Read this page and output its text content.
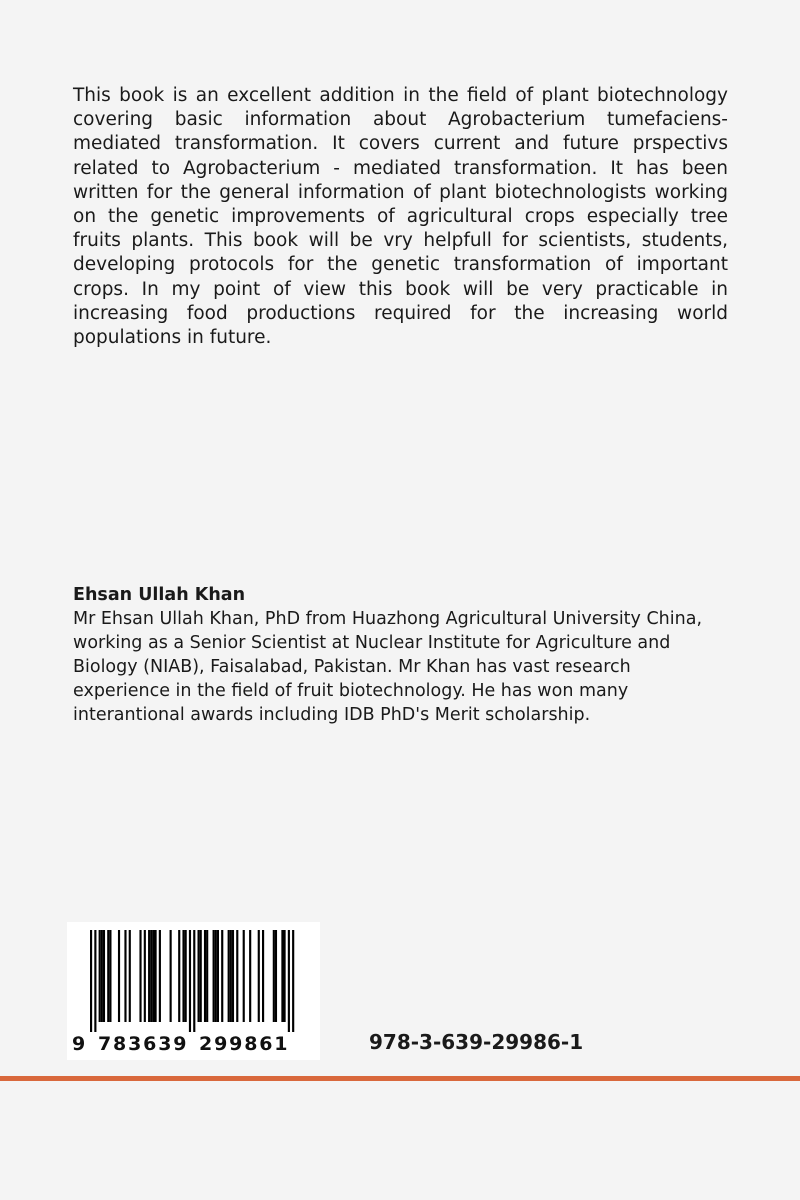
This book is an excellent addition in the field of plant biotechnology covering basic information about Agrobacterium tumefaciens-mediated transformation. It covers current and future prspectivs related to Agrobacterium - mediated transformation. It has been written for the general information of plant biotechnologists working on the genetic improvements of agricultural crops especially tree fruits plants. This book will be vry helpfull for scientists, students, developing protocols for the genetic transformation of important crops. In my point of view this book will be very practicable in increasing food productions required for the increasing world populations in future.

Ehsan Ullah Khan

Mr Ehsan Ullah Khan, PhD from Huazhong Agricultural University China, working as a Senior Scientist at Nuclear Institute for Agriculture and Biology (NIAB), Faisalabad, Pakistan. Mr Khan has vast research experience in the field of fruit biotechnology. He has won many interantional awards including IDB PhD's Merit scholarship.

9 7 8 3 6 3 9 2 9 9 8 6 1	978-3-639-29986-1
